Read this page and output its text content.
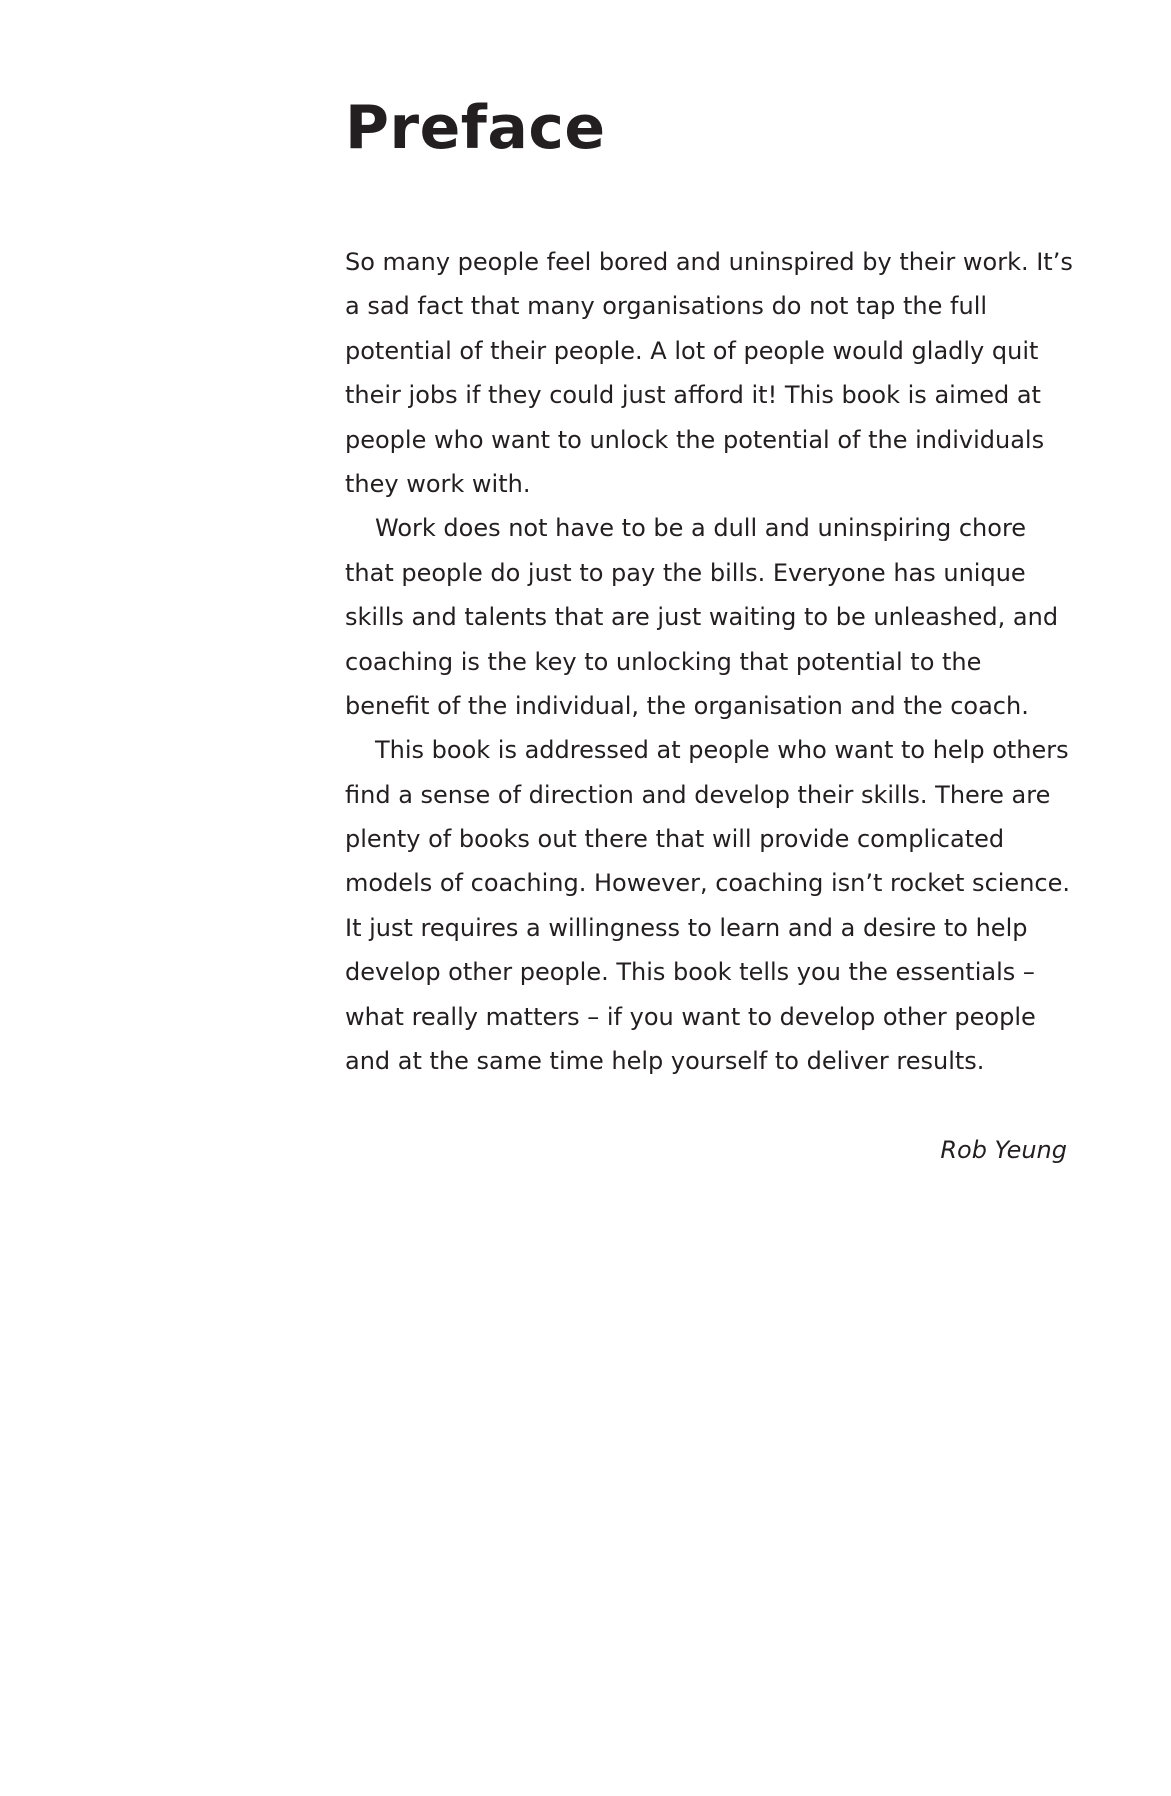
Preface
So many people feel bored and uninspired by their work. It’s
a sad fact that many organisations do not tap the full
potential of their people. A lot of people would gladly quit
their jobs if they could just afford it! This book is aimed at
people who want to unlock the potential of the individuals
they work with.
Work does not have to be a dull and uninspiring chore
that people do just to pay the bills. Everyone has unique
skills and talents that are just waiting to be unleashed, and
coaching is the key to unlocking that potential to the
benefit of the individual, the organisation and the coach.
This book is addressed at people who want to help others
find a sense of direction and develop their skills. There are
plenty of books out there that will provide complicated
models of coaching. However, coaching isn’t rocket science.
It just requires a willingness to learn and a desire to help
develop other people. This book tells you the essentials –
what really matters – if you want to develop other people
and at the same time help yourself to deliver results.
Rob Yeung
